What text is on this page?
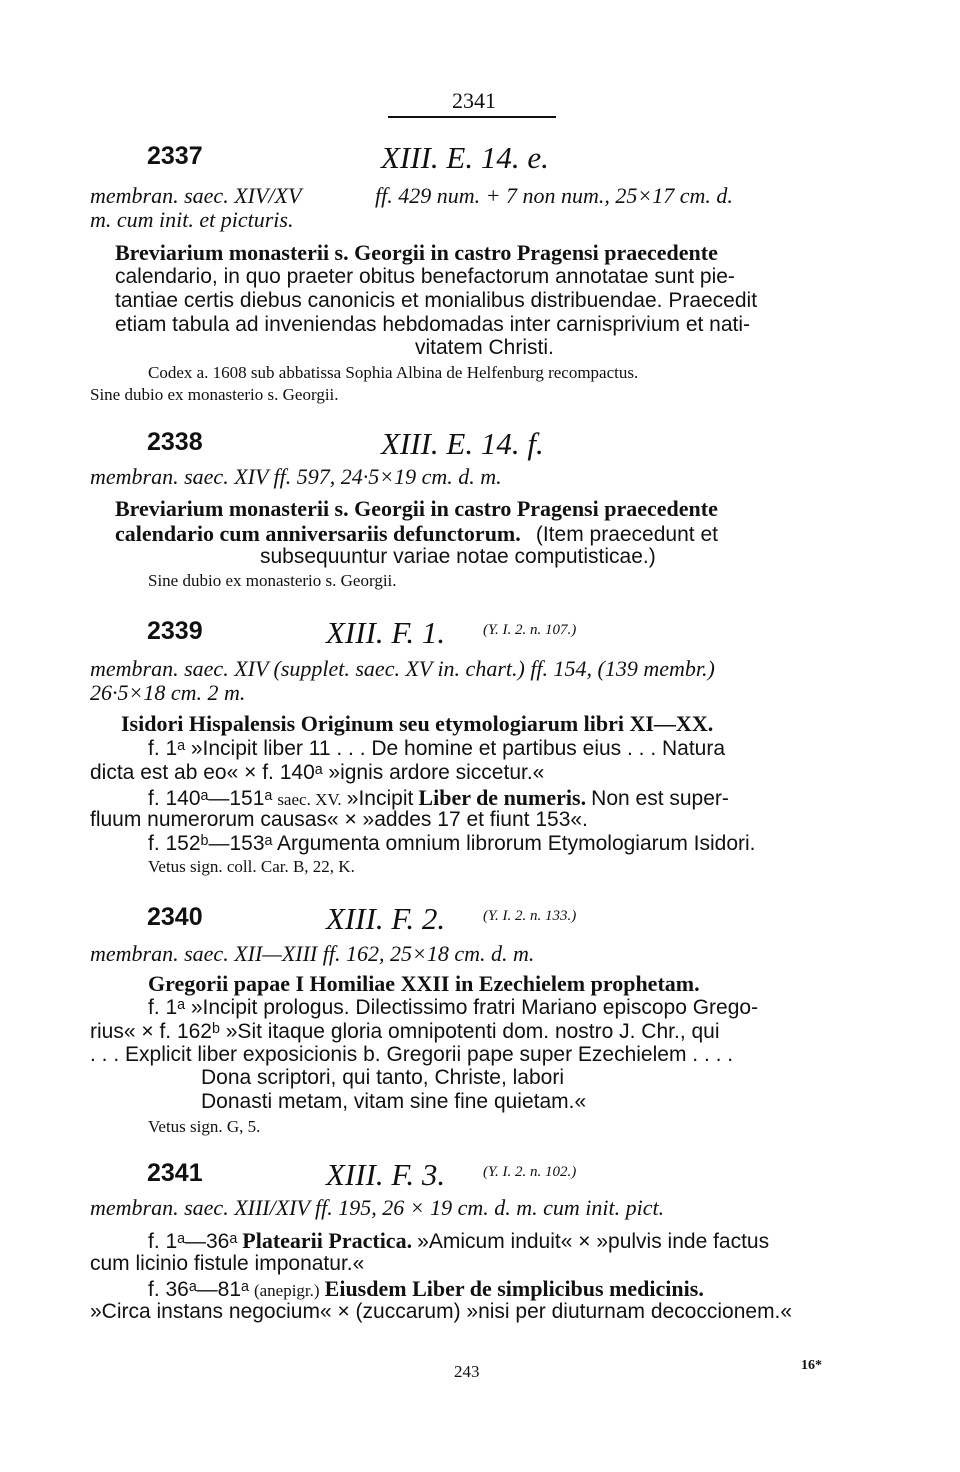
2341
2337	XIII. E. 14. e.
membran. saec. XIV/XV	ff. 429 num. + 7 non num., 25×17 cm. d.
m. cum init. et picturis.
Breviarium monasterii s. Georgii in castro Pragensi praecedente
calendario, in quo praeter obitus benefactorum annotatae sunt pie-
tantiae certis diebus canonicis et monialibus distribuendae. Praecedit
etiam tabula ad inveniendas hebdomadas inter carnisprivium et nati-
vitatem Christi.
Codex a. 1608 sub abbatissa Sophia Albina de Helfenburg recompactus.
Sine dubio ex monasterio s. Georgii.
2338	XIII. E. 14. f.
membran. saec. XIV ff. 597, 24·5×19 cm. d. m.
Breviarium monasterii s. Georgii in castro Pragensi praecedente
calendario cum anniversariis defunctorum. (Item praecedunt et
subsequuntur variae notae computisticae.)
Sine dubio ex monasterio s. Georgii.
2339	XIII. F. 1.	(Y. I. 2. n. 107.)
membran. saec. XIV (supplet. saec. XV in. chart.) ff. 154, (139 membr.)
26·5×18 cm. 2 m.
Isidori Hispalensis Originum seu etymologiarum libri XI—XX.
f. 1ᵃ »Incipit liber 11 . . . De homine et partibus eius . . . Natura
dicta est ab eo« × f. 140ᵃ »ignis ardore siccetur.«
f. 140ᵃ—151ᵃ saec. XV. »Incipit Liber de numeris. Non est super-
fluum numerorum causas« × »addes 17 et fiunt 153«.
f. 152ᵇ—153ᵃ Argumenta omnium librorum Etymologiarum Isidori.
Vetus sign. coll. Car. B, 22, K.
2340	XIII. F. 2.	(Y. I. 2. n. 133.)
membran. saec. XII—XIII ff. 162, 25×18 cm. d. m.
Gregorii papae I Homiliae XXII in Ezechielem prophetam.
f. 1ᵃ »Incipit prologus. Dilectissimo fratri Mariano episcopo Grego-
rius« × f. 162ᵇ »Sit itaque gloria omnipotenti dom. nostro J. Chr., qui
. . . Explicit liber exposicionis b. Gregorii pape super Ezechielem . . . .
Dona scriptori, qui tanto, Christe, labori
Donasti metam, vitam sine fine quietam.«
Vetus sign. G, 5.
2341	XIII. F. 3.	(Y. I. 2. n. 102.)
membran. saec. XIII/XIV ff. 195, 26 × 19 cm. d. m. cum init. pict.
f. 1ᵃ—36ᵃ Platearii Practica. »Amicum induit« × »pulvis inde factus
cum licinio fistule imponatur.«
f. 36ᵃ—81ᵃ (anepigr.) Eiusdem Liber de simplicibus medicinis.
»Circa instans negocium« × (zuccarum) »nisi per diuturnam decoccionem.«
243	16*
